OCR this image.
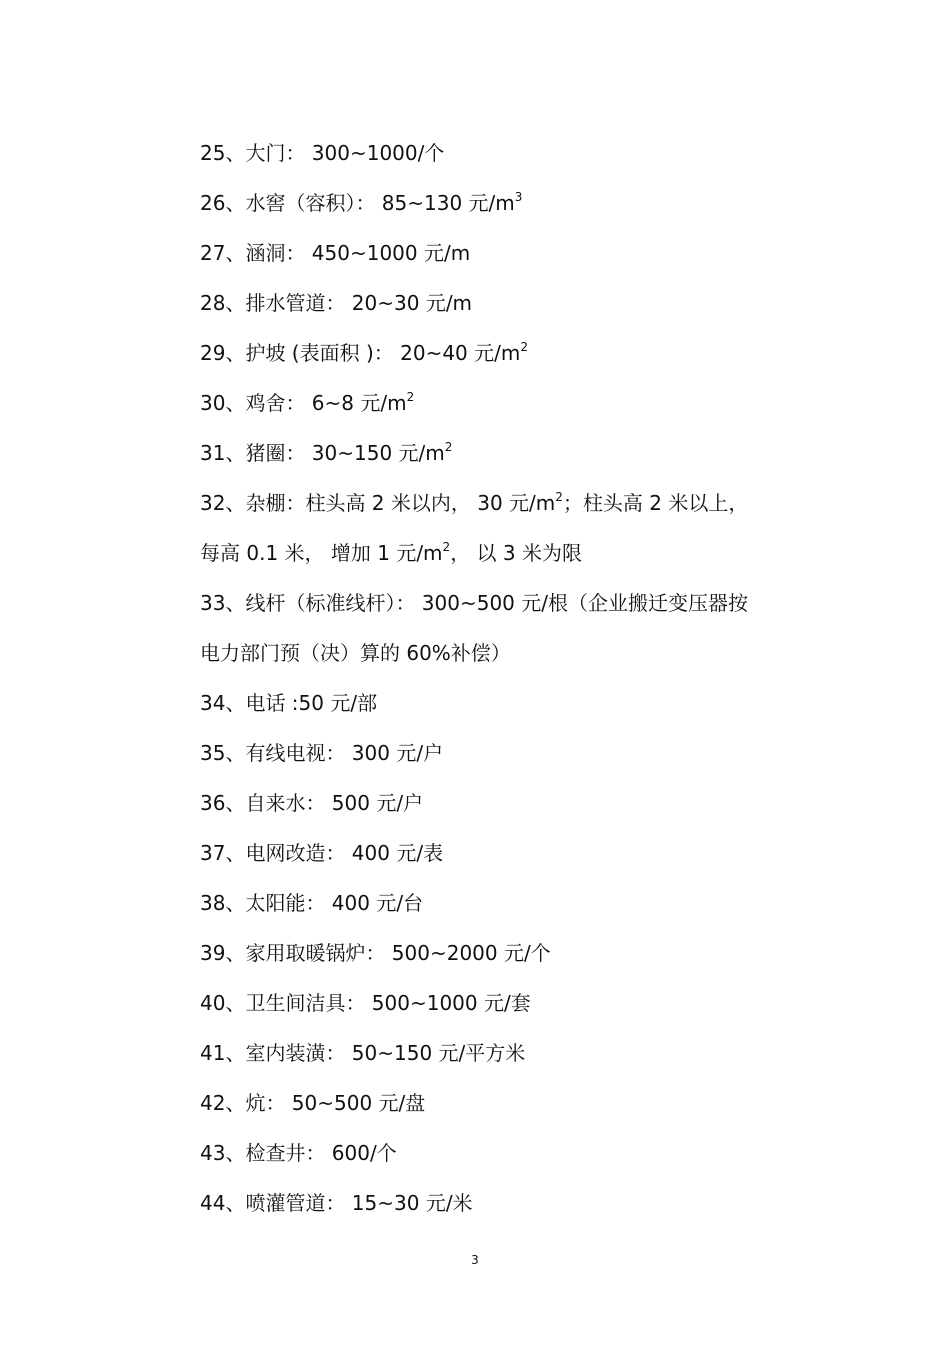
25、大门： 300~1000/个
26、水窖（容积）： 85~130 元$/m^3$
27、涵洞： 450~1000 元/m
28、排水管道： 20~30 元/m
29、护坡 (表面积 )： 20~40 元$/m^2$
30、鸡舍： 6~8 元$/m^2$
31、猪圈： 30~150 元$/m^2$
32、杂棚：柱头高 2 米以内， 30 元$/m^2$；柱头高 2 米以上，
每高 0.1 米， 增加 1 元$/m^2$， 以 3 米为限
33、线杆（标准线杆）： 300~500 元/根（企业搬迁变压器按
电力部门预（决）算的 60%补偿）
34、电话 :50 元/部
35、有线电视： 300 元/户
36、自来水： 500 元/户
37、电网改造： 400 元/表
38、太阳能： 400 元/台
39、家用取暖锅炉： 500~2000 元/个
40、卫生间洁具： 500~1000 元/套
41、室内装潢： 50~150 元/平方米
42、炕： 50~500 元/盘
43、检查井： 600/个
44、喷灌管道： 15~30 元/米
3
